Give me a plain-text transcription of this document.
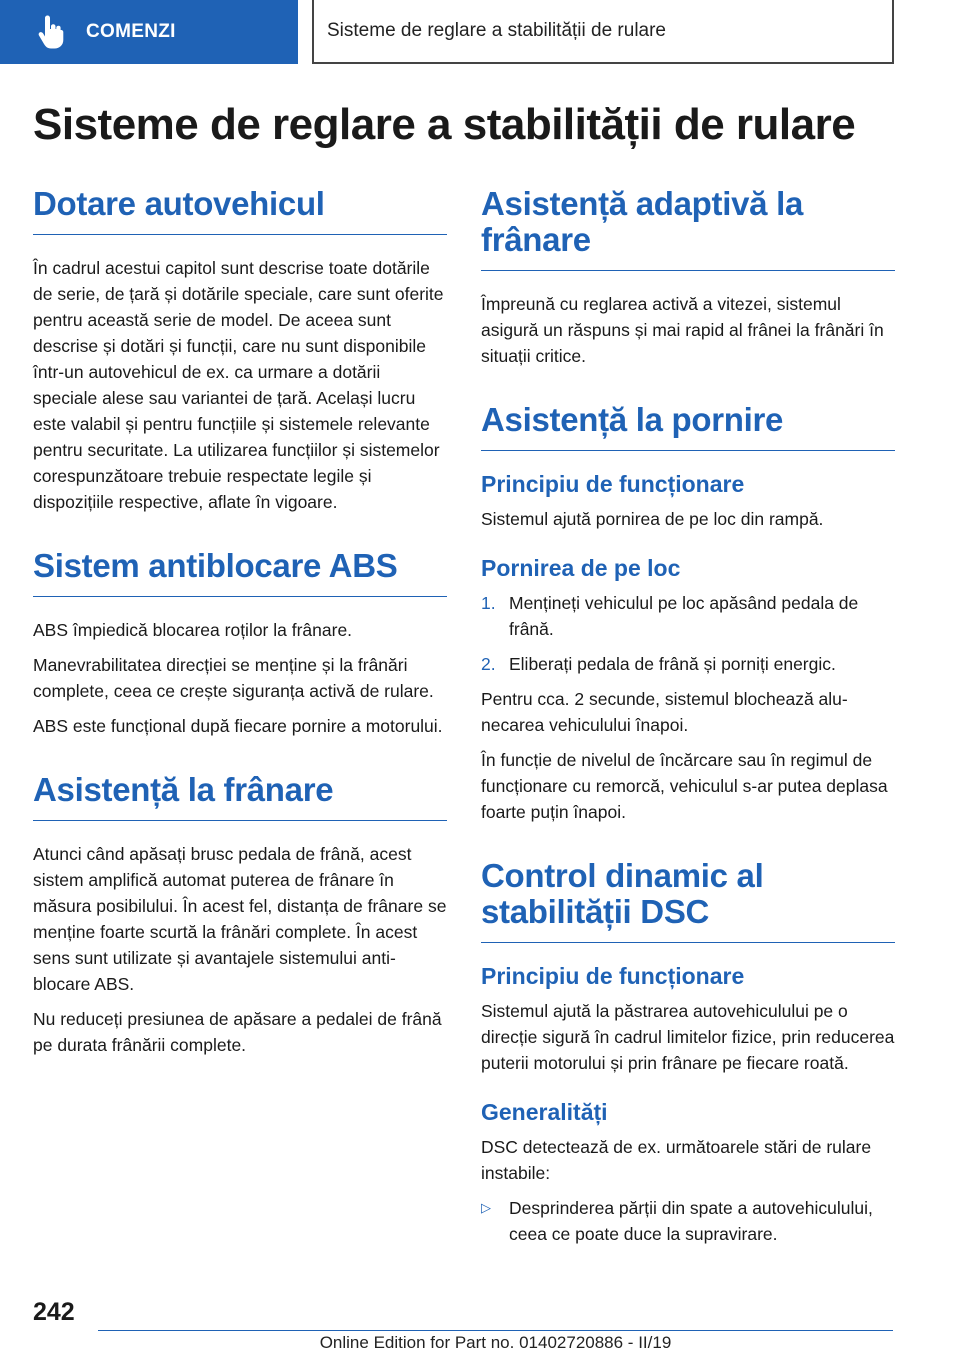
COMENZI	Sisteme de reglare a stabilității de rulare
Sisteme de reglare a stabilității de rulare
Dotare autovehicul

În cadrul acestui capitol sunt descrise toate dotările de serie, de țară și dotările speciale, care sunt oferite pentru această serie de model. De aceea sunt descrise și dotări și funcții, care nu sunt disponibile într-un autovehicul de ex. ca urmare a dotării speciale alese sau variantei de țară. Același lucru este valabil și pentru funcțiile și sistemele relevante pentru securitate. La utilizarea funcțiilor și sistemelor corespunzătoare trebuie respectate legile și dispozițiile respective, aflate în vigoare.

Sistem antiblocare ABS

ABS împiedică blocarea roților la frânare.

Manevrabilitatea direcției se menține și la frânări complete, ceea ce crește siguranța activă de rulare.

ABS este funcțional după fiecare pornire a motorului.

Asistență la frânare

Atunci când apăsați brusc pedala de frână, acest sistem amplifică automat puterea de frânare în măsura posibilului. În acest fel, distanța de frânare se menține foarte scurtă la frânări complete. În acest sens sunt utilizate și avantajele sistemului anti-blocare ABS.

Nu reduceți presiunea de apăsare a pedalei de frână pe durata frânării complete.

Asistență adaptivă la frânare

Împreună cu reglarea activă a vitezei, sistemul asigură un răspuns și mai rapid al frânei la frânări în situații critice.

Asistență la pornire
Principiu de funcționare

Sistemul ajută pornirea de pe loc din rampă.

Pornirea de pe loc
1. Mențineți vehiculul pe loc apăsând pedala de frână.
2. Eliberați pedala de frână și porniți energic.

Pentru cca. 2 secunde, sistemul blochează alunecarea vehiculului înapoi.

În funcție de nivelul de încărcare sau în regimul de funcționare cu remorcă, vehiculul s-ar putea deplasa foarte puțin înapoi.

Control dinamic al stabilității DSC
Principiu de funcționare

Sistemul ajută la păstrarea autovehiculului pe o direcție sigură în cadrul limitelor fizice, prin reducerea puterii motorului și prin frânare pe fiecare roată.

Generalități

DSC detectează de ex. următoarele stări de rulare instabile:

▷	Desprinderea părții din spate a autovehiculului, ceea ce poate duce la supravirare.
242
Online Edition for Part no. 01402720886 - II/19
